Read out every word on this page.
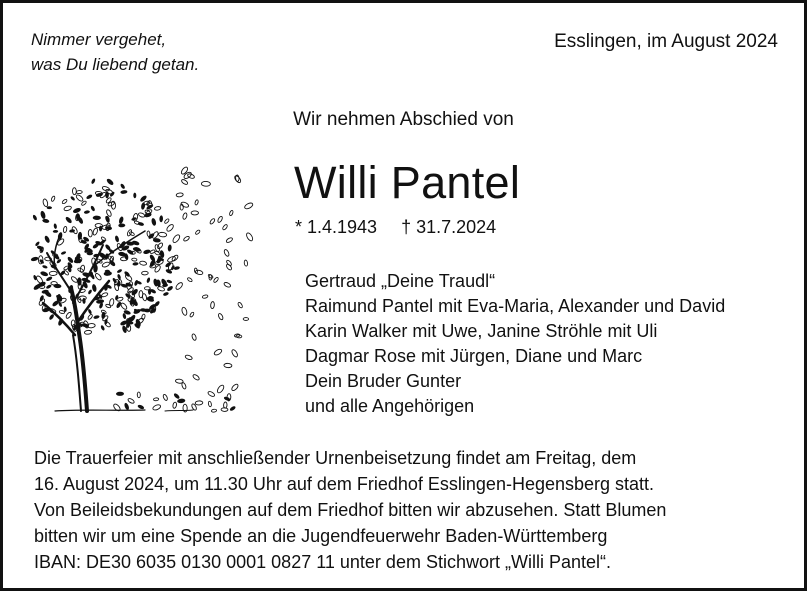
Nimmer vergehet,
was Du liebend getan.
Esslingen, im August 2024
Wir nehmen Abschied von
Willi Pantel
* 1.4.1943 † 31.7.2024
Gertraud „Deine Traudl“
Raimund Pantel mit Eva-Maria, Alexander und David
Karin Walker mit Uwe, Janine Ströhle mit Uli
Dagmar Rose mit Jürgen, Diane und Marc
Dein Bruder Gunter
und alle Angehörigen
Die Trauerfeier mit anschließender Urnenbeisetzung findet am Freitag, dem
16. August 2024, um 11.30 Uhr auf dem Friedhof Esslingen-Hegensberg statt.
Von Beileidsbekundungen auf dem Friedhof bitten wir abzusehen. Statt Blumen
bitten wir um eine Spende an die Jugendfeuerwehr Baden-Württemberg
IBAN: DE30 6035 0130 0001 0827 11 unter dem Stichwort „Willi Pantel“.
